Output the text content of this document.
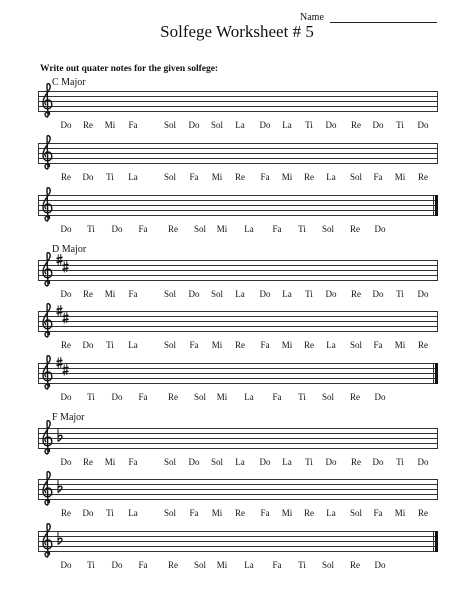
Name
Solfege Worksheet # 5
Write out quater notes for the given solfege:
C Major
Do Re Mi Fa	Sol Do Sol La Do La Ti Do Re Do Ti Do
Re Do Ti La	Sol Fa Mi Re Fa Mi Re La Sol Fa Mi Re
Do Ti Do Fa Re Sol Mi La Fa Ti Sol Re Do
D Major
Do Re Mi Fa	Sol Do Sol La Do La Ti Do Re Do Ti Do
Re Do Ti La	Sol Fa Mi Re Fa Mi Re La Sol Fa Mi Re
Do Ti Do Fa Re Sol Mi La Fa Ti Sol Re Do
F Major
Do Re Mi Fa	Sol Do Sol La Do La Ti Do Re Do Ti Do
Re Do Ti La	Sol Fa Mi Re Fa Mi Re La Sol Fa Mi Re
Do Ti Do Fa Re Sol Mi La Fa Ti Sol Re Do
